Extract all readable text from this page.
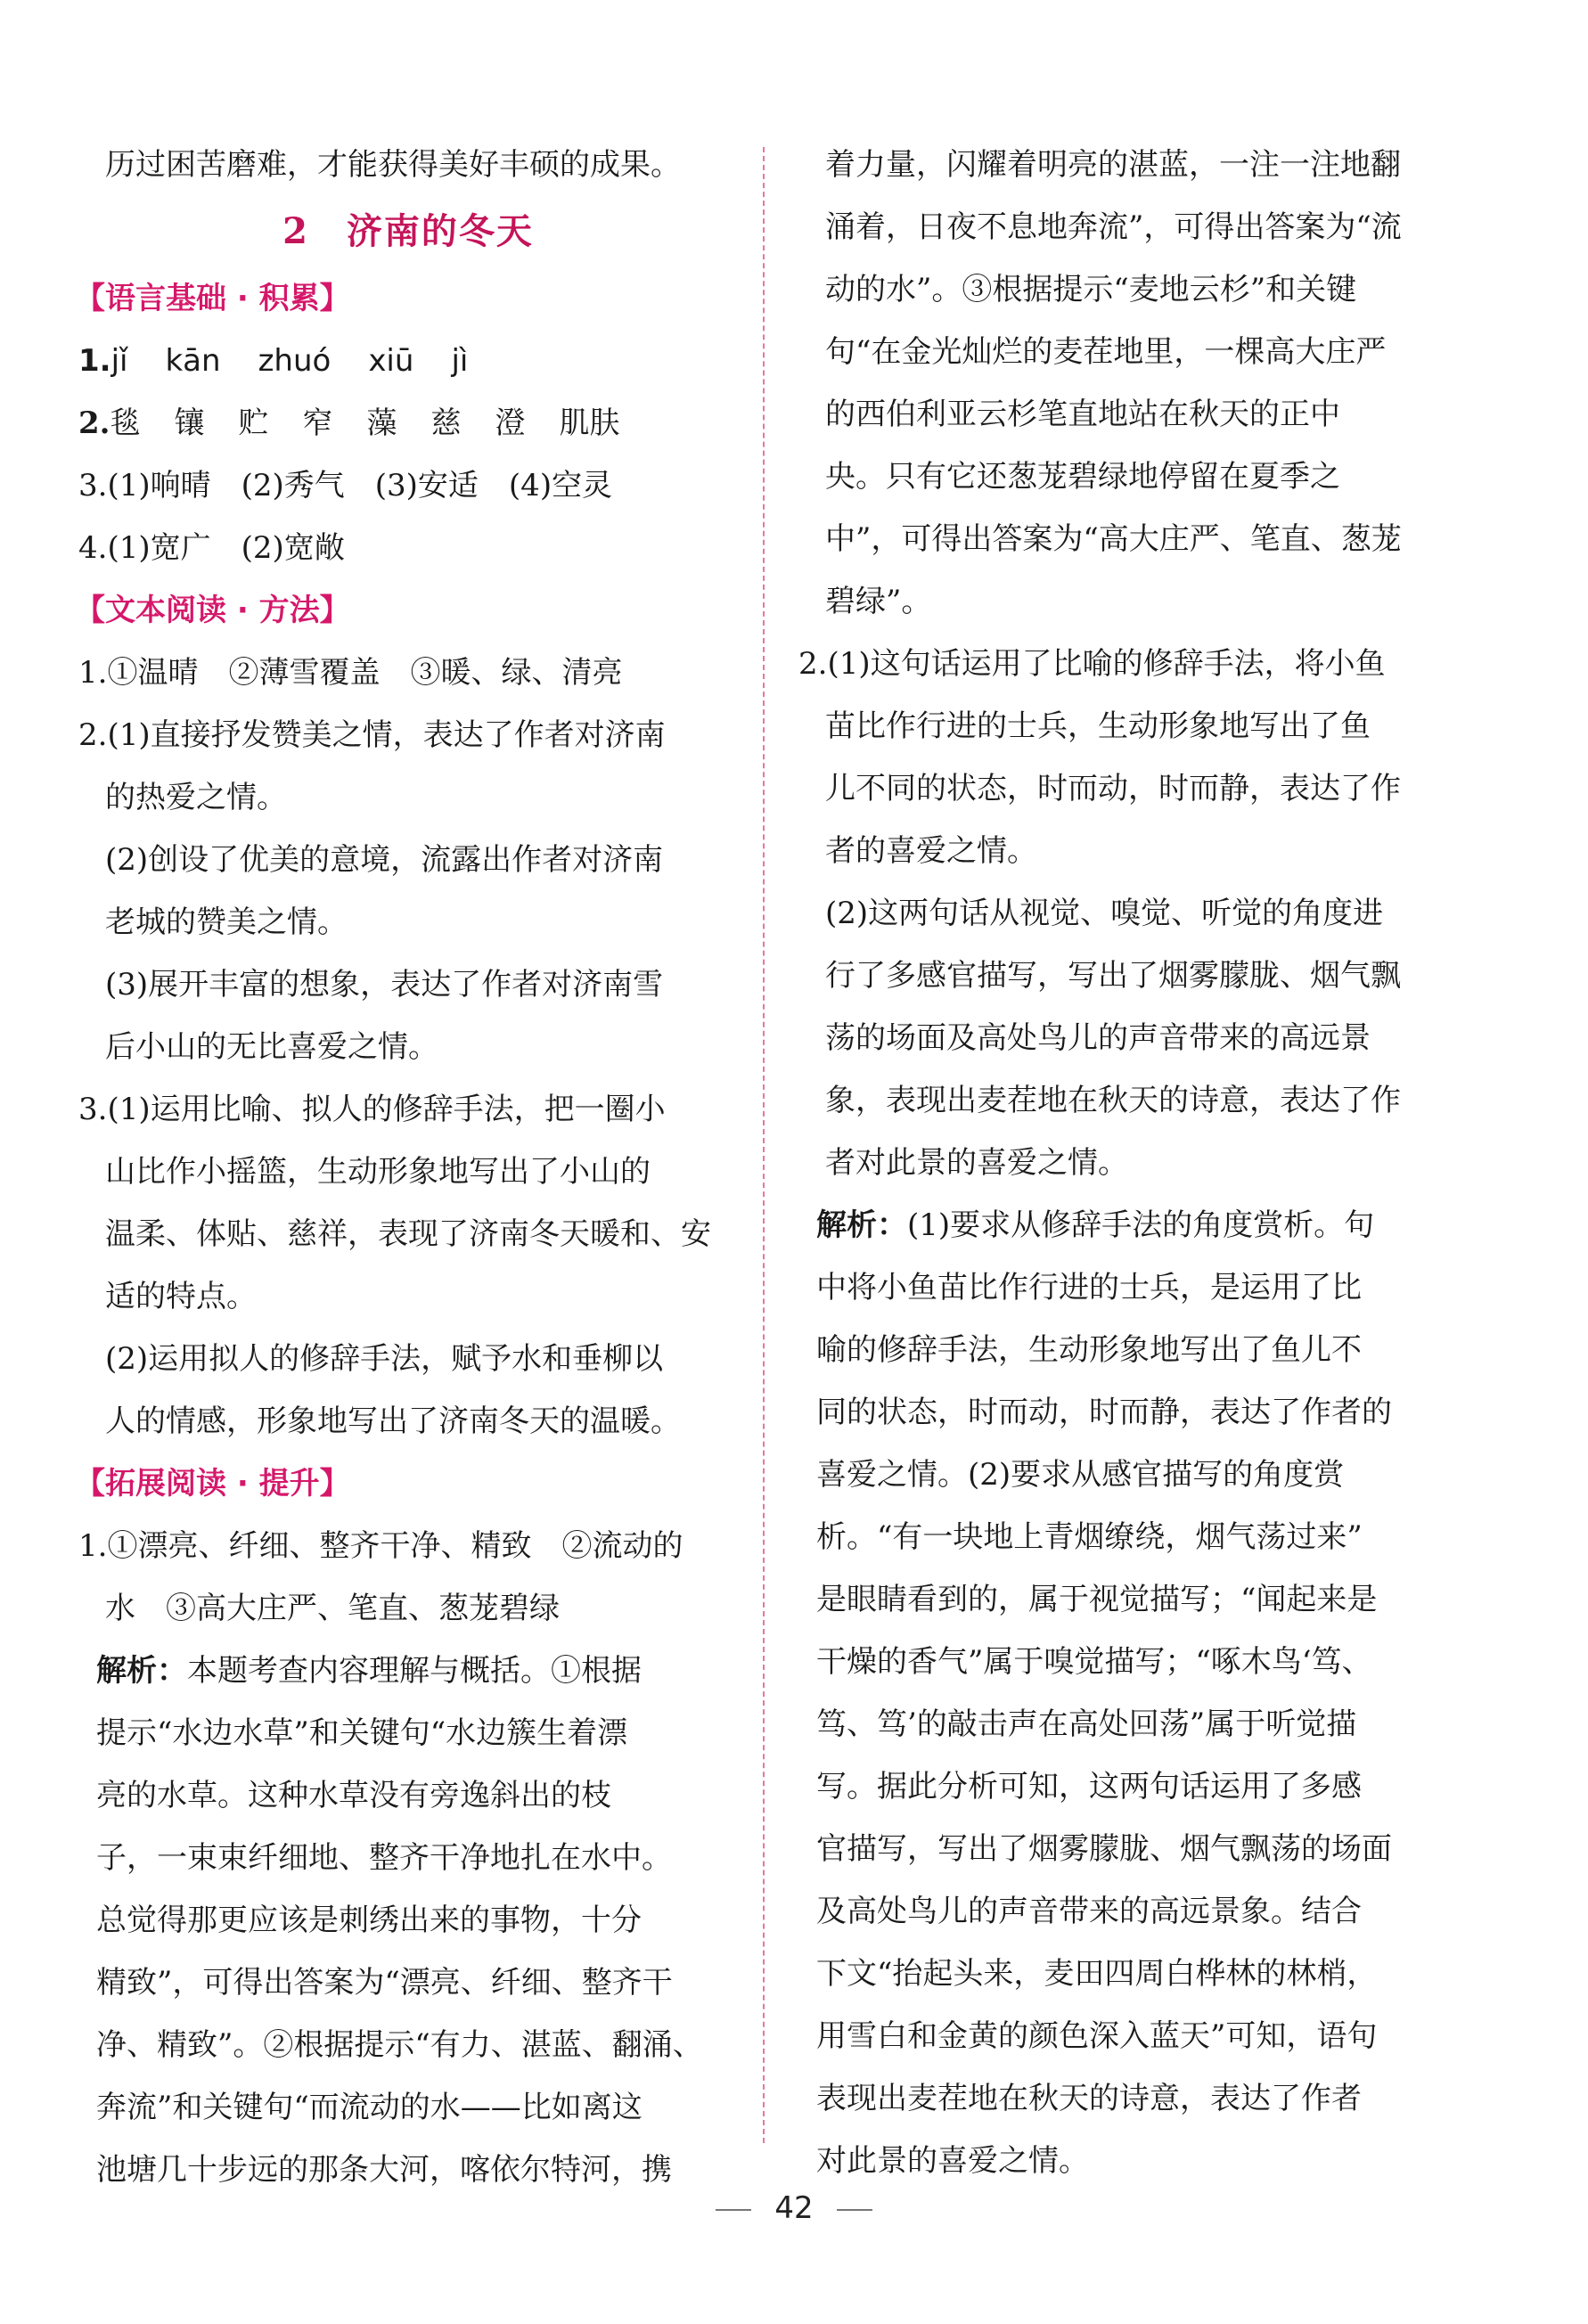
历过困苦磨难，才能获得美好丰硕的成果。
2　济南的冬天
【语言基础 · 积累】
1.jǐ kān zhuó xiū jì
2.毯 镶 贮 窄 藻 慈 澄 肌肤
3.(1)响晴　(2)秀气　(3)安适　(4)空灵
4.(1)宽广　(2)宽敞
【文本阅读 · 方法】
1.①温晴　②薄雪覆盖　③暖、绿、清亮
2.(1)直接抒发赞美之情，表达了作者对济南
的热爱之情。
(2)创设了优美的意境，流露出作者对济南
老城的赞美之情。
(3)展开丰富的想象，表达了作者对济南雪
后小山的无比喜爱之情。
3.(1)运用比喻、拟人的修辞手法，把一圈小
山比作小摇篮，生动形象地写出了小山的
温柔、体贴、慈祥，表现了济南冬天暖和、安
适的特点。
(2)运用拟人的修辞手法，赋予水和垂柳以
人的情感，形象地写出了济南冬天的温暖。
【拓展阅读 · 提升】
1.①漂亮、纤细、整齐干净、精致　②流动的
水　③高大庄严、笔直、葱茏碧绿
解析：本题考查内容理解与概括。①根据
提示“水边水草”和关键句“水边簇生着漂
亮的水草。这种水草没有旁逸斜出的枝
子，一束束纤细地、整齐干净地扎在水中。
总觉得那更应该是刺绣出来的事物，十分
精致”，可得出答案为“漂亮、纤细、整齐干
净、精致”。②根据提示“有力、湛蓝、翻涌、
奔流”和关键句“而流动的水——比如离这
池塘几十步远的那条大河，喀依尔特河，携
着力量，闪耀着明亮的湛蓝，一注一注地翻
涌着，日夜不息地奔流”，可得出答案为“流
动的水”。③根据提示“麦地云杉”和关键
句“在金光灿烂的麦茬地里，一棵高大庄严
的西伯利亚云杉笔直地站在秋天的正中
央。只有它还葱茏碧绿地停留在夏季之
中”，可得出答案为“高大庄严、笔直、葱茏
碧绿”。
2.(1)这句话运用了比喻的修辞手法，将小鱼
苗比作行进的士兵，生动形象地写出了鱼
儿不同的状态，时而动，时而静，表达了作
者的喜爱之情。
(2)这两句话从视觉、嗅觉、听觉的角度进
行了多感官描写，写出了烟雾朦胧、烟气飘
荡的场面及高处鸟儿的声音带来的高远景
象，表现出麦茬地在秋天的诗意，表达了作
者对此景的喜爱之情。
解析：(1)要求从修辞手法的角度赏析。句
中将小鱼苗比作行进的士兵，是运用了比
喻的修辞手法，生动形象地写出了鱼儿不
同的状态，时而动，时而静，表达了作者的
喜爱之情。(2)要求从感官描写的角度赏
析。“有一块地上青烟缭绕，烟气荡过来”
是眼睛看到的，属于视觉描写；“闻起来是
干燥的香气”属于嗅觉描写；“啄木鸟‘笃、
笃、笃’的敲击声在高处回荡”属于听觉描
写。据此分析可知，这两句话运用了多感
官描写，写出了烟雾朦胧、烟气飘荡的场面
及高处鸟儿的声音带来的高远景象。结合
下文“抬起头来，麦田四周白桦林的林梢，
用雪白和金黄的颜色深入蓝天”可知，语句
表现出麦茬地在秋天的诗意，表达了作者
对此景的喜爱之情。
42
